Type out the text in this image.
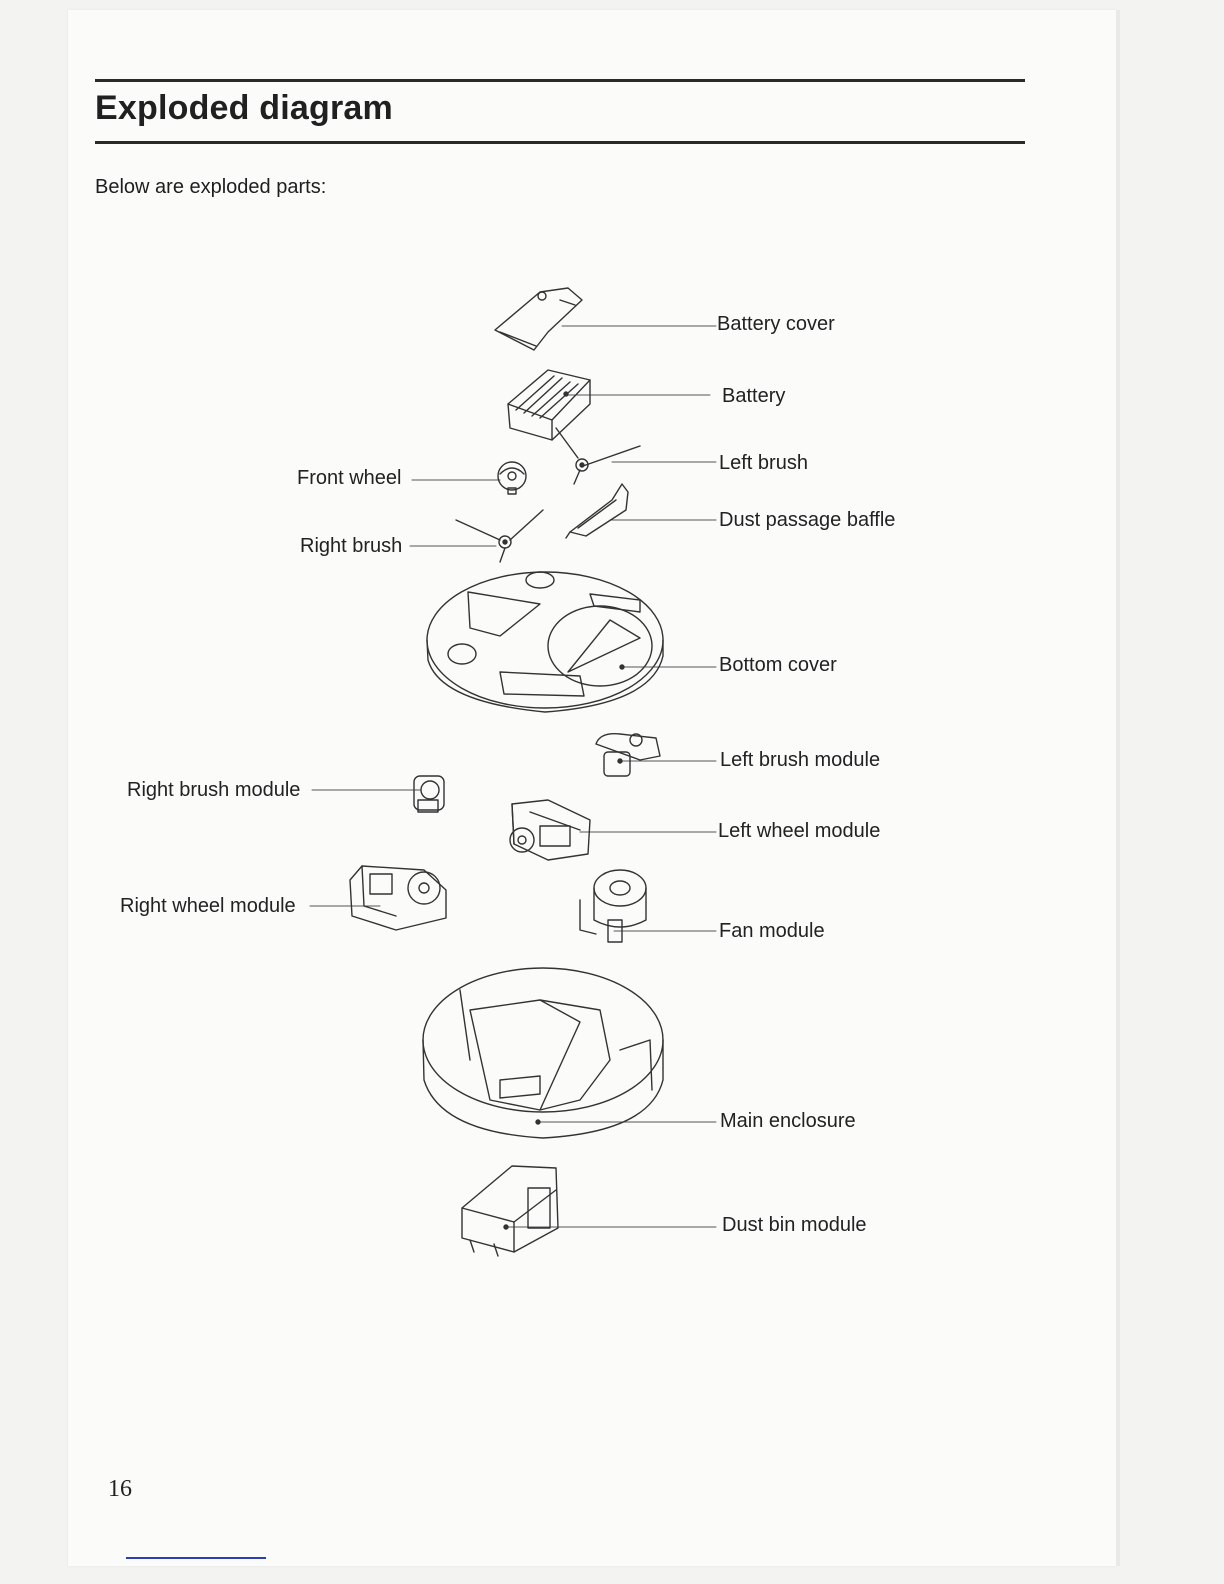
Exploded diagram

Below are exploded parts:

Battery cover
Battery
Left brush
Front wheel
Dust passage baffle
Right brush
Bottom cover
Left brush module
Right brush module
Left wheel module
Right wheel module
Fan module
Main enclosure
Dust bin module
16
